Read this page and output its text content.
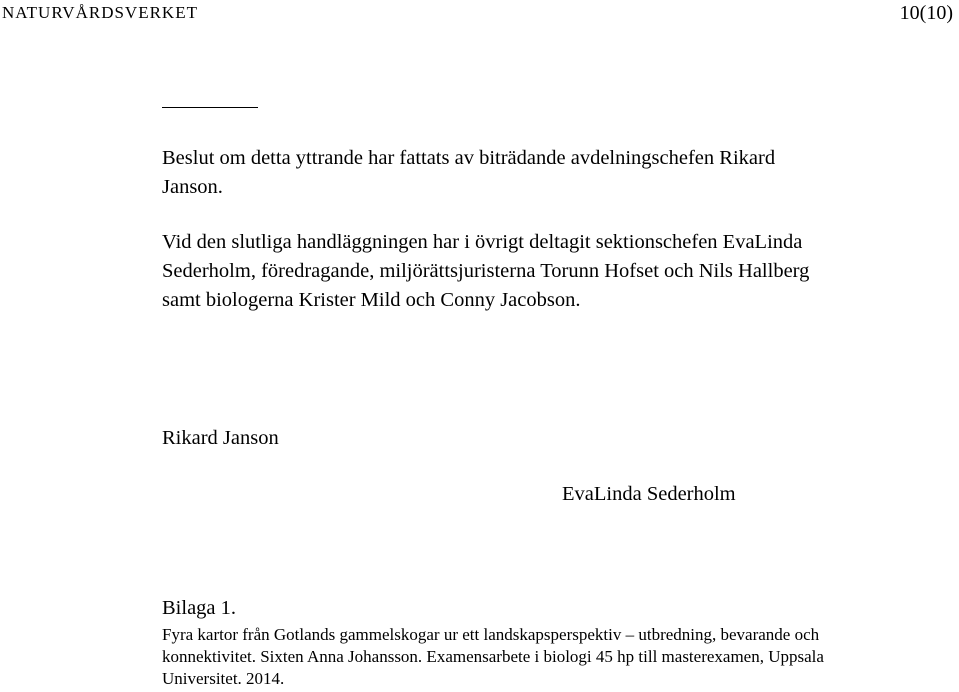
NATURVÅRDSVERKET	10(10)

Beslut om detta yttrande har fattats av biträdande avdelningschefen Rikard
Janson.

Vid den slutliga handläggningen har i övrigt deltagit sektionschefen EvaLinda
Sederholm, föredragande, miljörättsjuristerna Torunn Hofset och Nils Hallberg
samt biologerna Krister Mild och Conny Jacobson.

Rikard Janson
EvaLinda Sederholm
Bilaga 1.

Fyra kartor från Gotlands gammelskogar ur ett landskapsperspektiv – utbredning, bevarande och
konnektivitet. Sixten Anna Johansson. Examensarbete i biologi 45 hp till masterexamen, Uppsala
Universitet. 2014.
